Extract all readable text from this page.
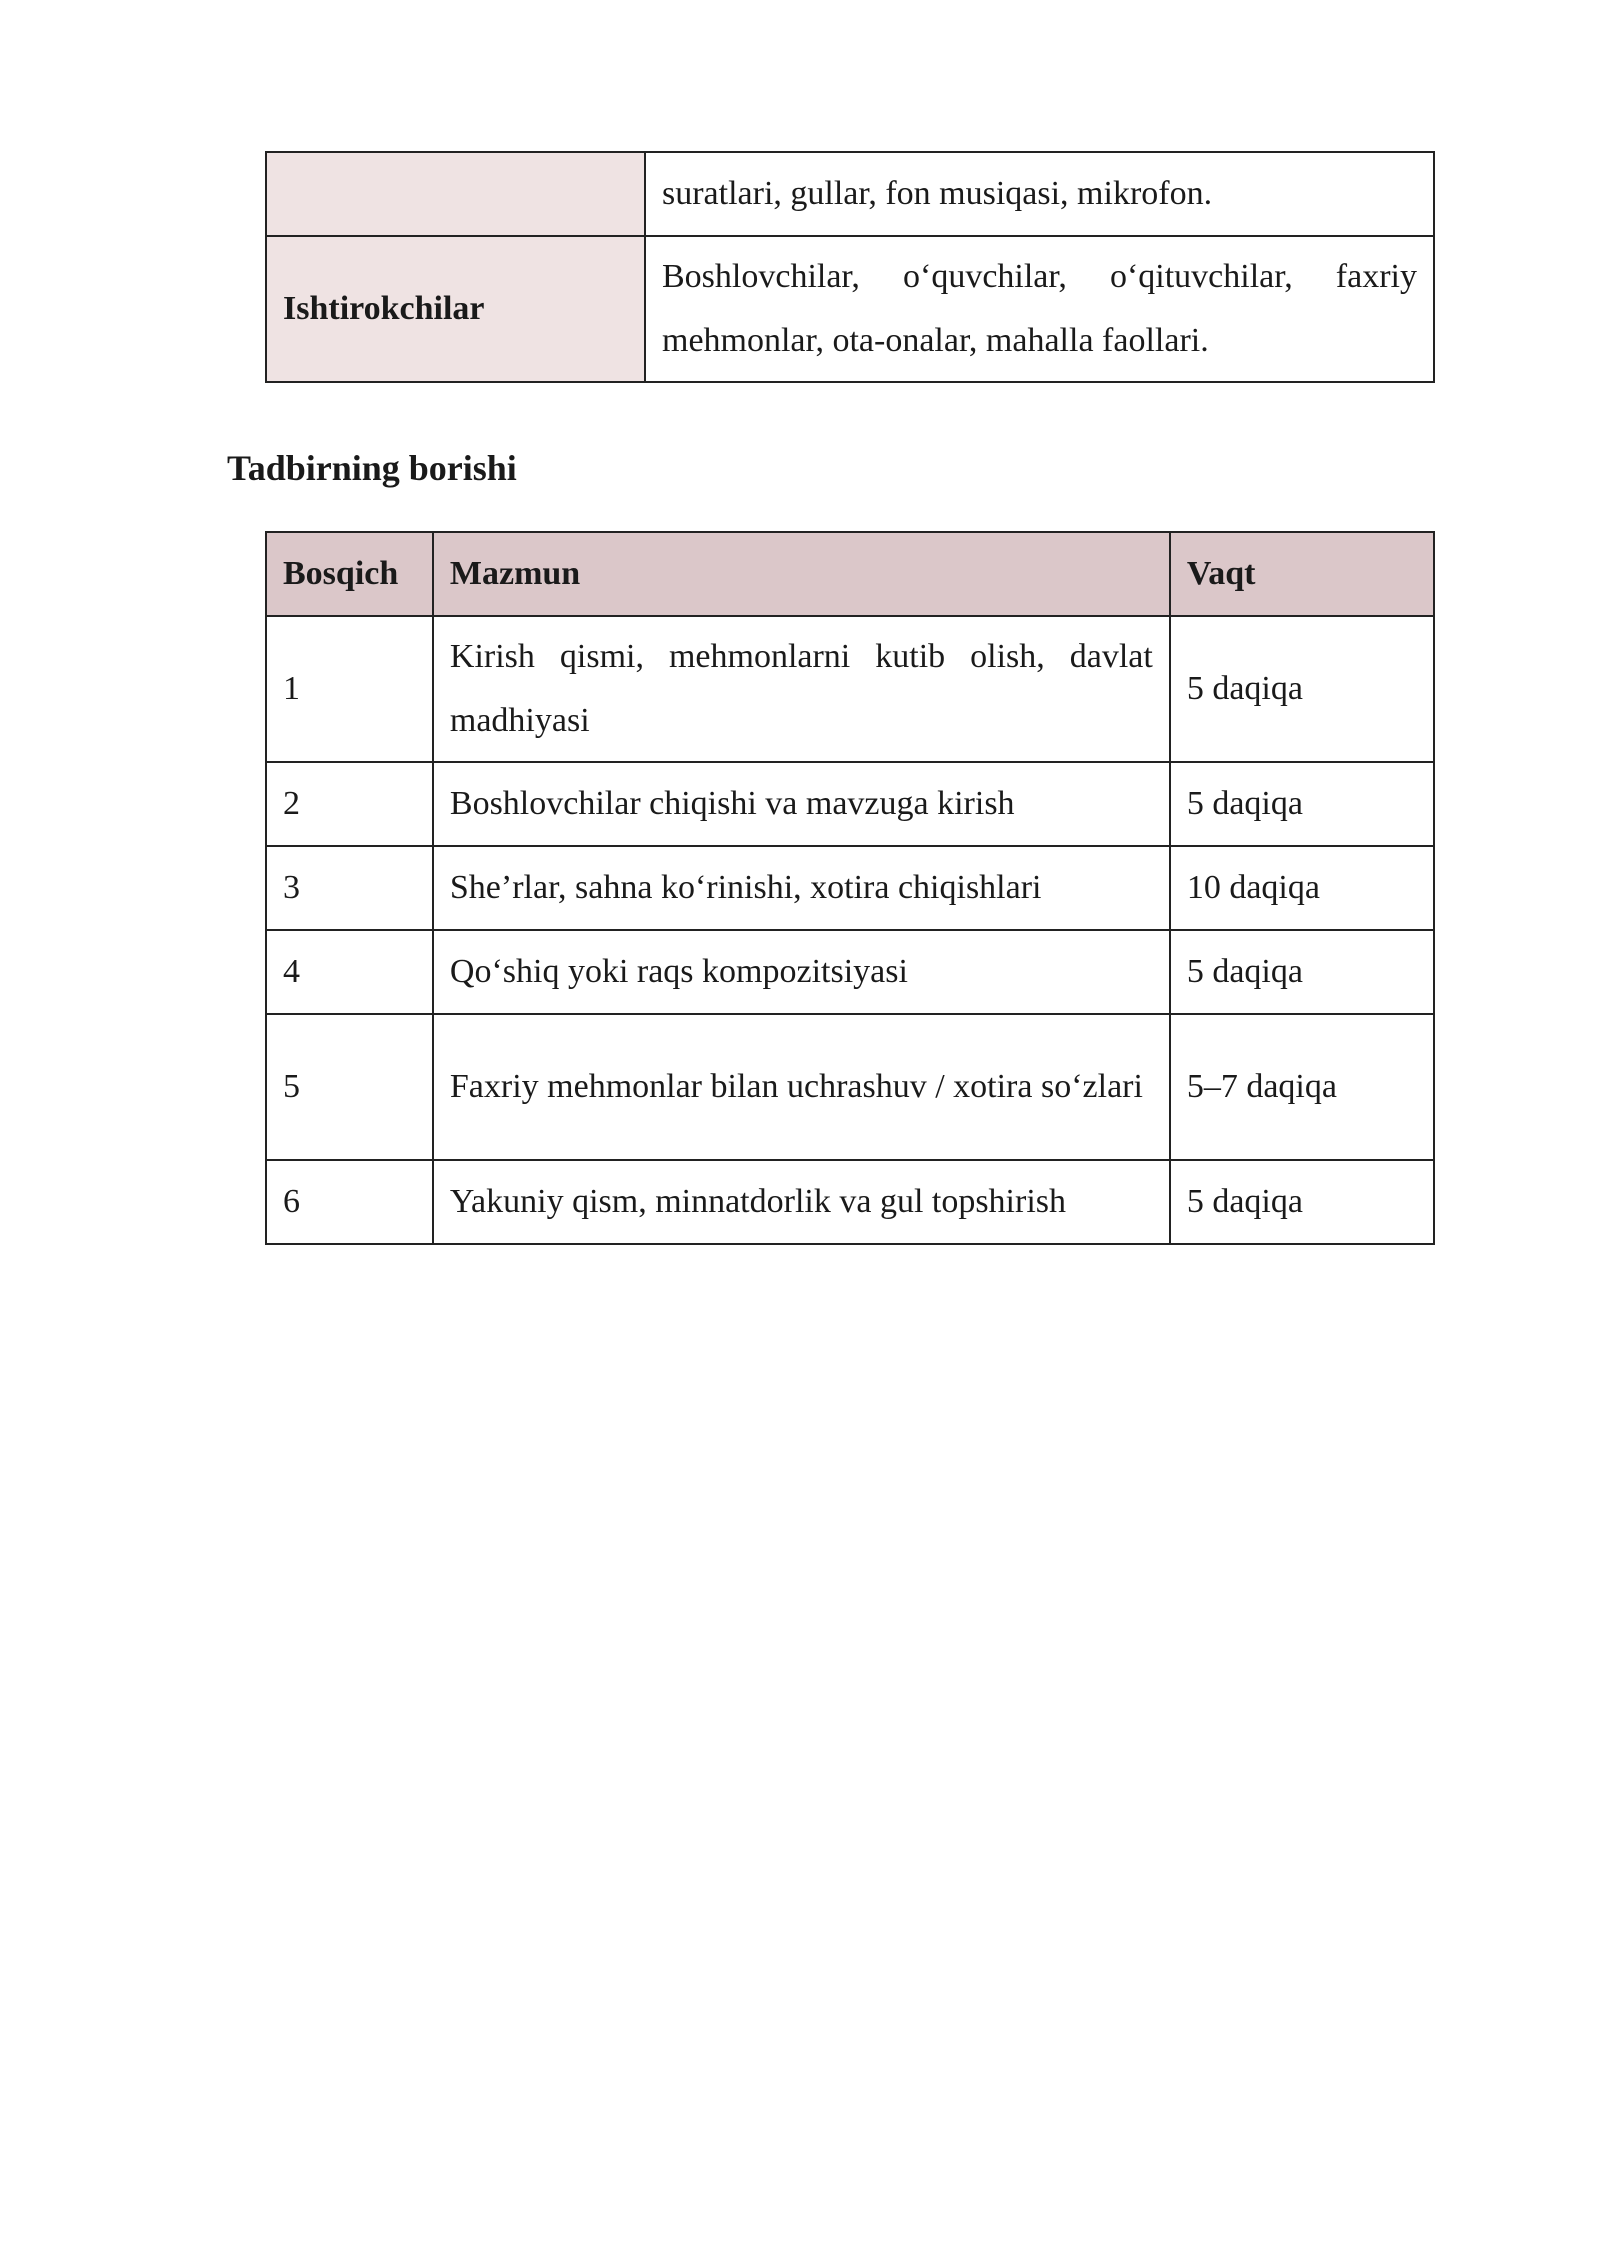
	suratlari, gullar, fon musiqasi, mikrofon.
Ishtirokchilar	Boshlovchilar, o‘quvchilar, o‘qituvchilar, faxriy
mehmonlar, ota-onalar, mahalla faollari.
Tadbirning borishi
Bosqich	Mazmun	Vaqt
1	Kirish qismi, mehmonlarni kutib olish, davlat madhiyasi	5 daqiqa
2	Boshlovchilar chiqishi va mavzuga kirish	5 daqiqa
3	She’rlar, sahna ko‘rinishi, xotira chiqishlari	10 daqiqa
4	Qo‘shiq yoki raqs kompozitsiyasi	5 daqiqa
5	Faxriy mehmonlar bilan uchrashuv / xotira so‘zlari	5–7 daqiqa
6	Yakuniy qism, minnatdorlik va gul topshirish	5 daqiqa
